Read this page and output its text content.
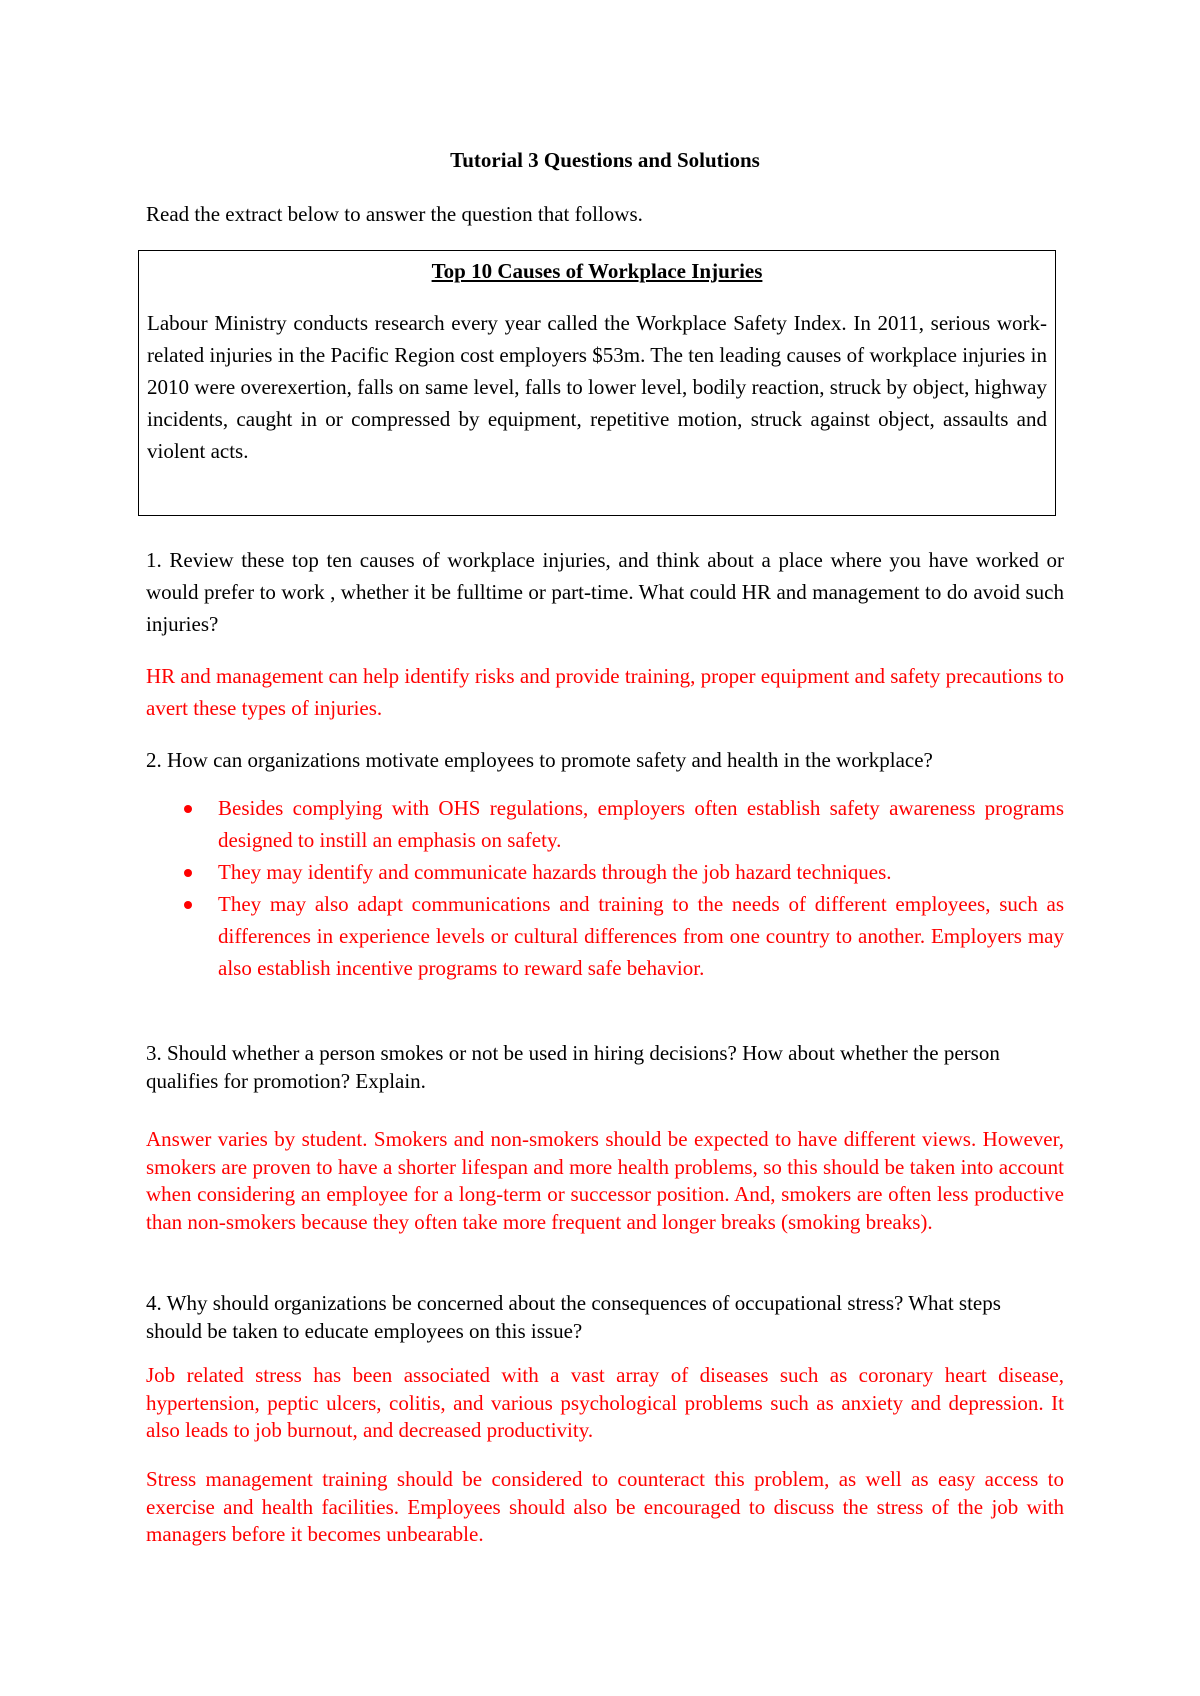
Tutorial 3 Questions and Solutions
Read the extract below to answer the question that follows.

Top 10 Causes of Workplace Injuries

Labour Ministry conducts research every year called the Workplace Safety Index. In 2011, serious work-related injuries in the Pacific Region cost employers $53m. The ten leading causes of workplace injuries in 2010 were overexertion, falls on same level, falls to lower level, bodily reaction, struck by object, highway incidents, caught in or compressed by equipment, repetitive motion, struck against object, assaults and violent acts.

1. Review these top ten causes of workplace injuries, and think about a place where you have worked or would prefer to work , whether it be fulltime or part-time. What could HR and management to do avoid such injuries?

HR and management can help identify risks and provide training, proper equipment and safety precautions to avert these types of injuries.

2. How can organizations motivate employees to promote safety and health in the workplace?

Besides complying with OHS regulations, employers often establish safety awareness programs designed to instill an emphasis on safety.
They may identify and communicate hazards through the job hazard techniques.
They may also adapt communications and training to the needs of different employees, such as differences in experience levels or cultural differences from one country to another. Employers may also establish incentive programs to reward safe behavior.

3. Should whether a person smokes or not be used in hiring decisions? How about whether the person qualifies for promotion? Explain.

Answer varies by student. Smokers and non-smokers should be expected to have different views. However, smokers are proven to have a shorter lifespan and more health problems, so this should be taken into account when considering an employee for a long-term or successor position. And, smokers are often less productive than non-smokers because they often take more frequent and longer breaks (smoking breaks).

4. Why should organizations be concerned about the consequences of occupational stress? What steps should be taken to educate employees on this issue?

Job related stress has been associated with a vast array of diseases such as coronary heart disease, hypertension, peptic ulcers, colitis, and various psychological problems such as anxiety and depression. It also leads to job burnout, and decreased productivity.

Stress management training should be considered to counteract this problem, as well as easy access to exercise and health facilities. Employees should also be encouraged to discuss the stress of the job with managers before it becomes unbearable.
